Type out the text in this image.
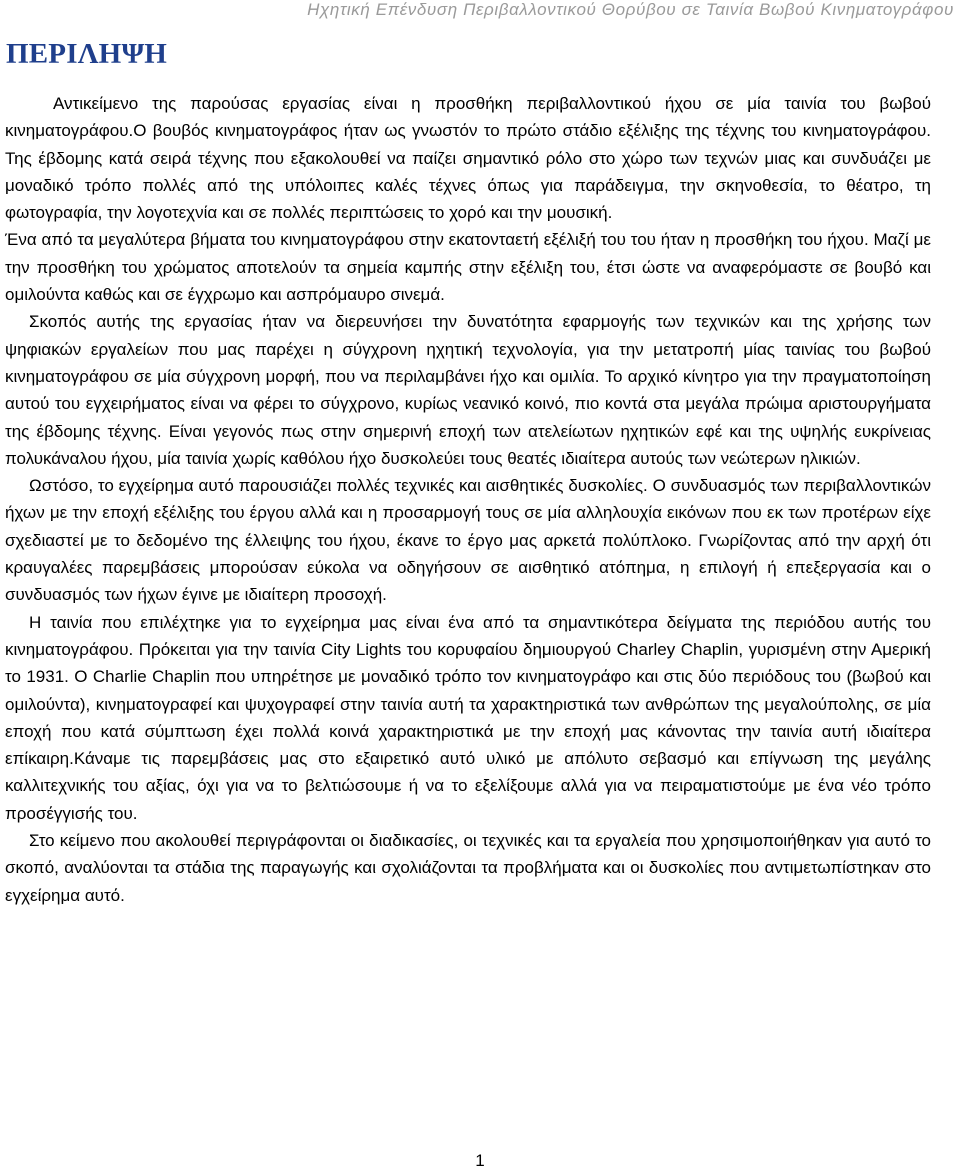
Ηχητική Επένδυση Περιβαλλοντικού Θορύβου σε Ταινία Βωβού Κινηματογράφου
ΠΕΡΙΛΗΨΗ

Αντικείμενο της παρούσας εργασίας είναι η προσθήκη περιβαλλοντικού ήχου σε μία ταινία του βωβού κινηματογράφου.Ο βουβός κινηματογράφος ήταν ως γνωστόν το πρώτο στάδιο εξέλιξης της τέχνης του κινηματογράφου. Της έβδομης κατά σειρά τέχνης που εξακολουθεί να παίζει σημαντικό ρόλο στο χώρο των τεχνών μιας και συνδυάζει με μοναδικό τρόπο πολλές από της υπόλοιπες καλές τέχνες όπως για παράδειγμα, την σκηνοθεσία, το θέατρο, τη φωτογραφία, την λογοτεχνία και σε πολλές περιπτώσεις το χορό και την μουσική.

Ένα από τα μεγαλύτερα βήματα του κινηματογράφου στην εκατονταετή εξέλιξή του του ήταν η προσθήκη του ήχου. Μαζί με την προσθήκη του χρώματος αποτελούν τα σημεία καμπής στην εξέλιξη του, έτσι ώστε να αναφερόμαστε σε βουβό και ομιλούντα καθώς και σε έγχρωμο και ασπρόμαυρο σινεμά.

Σκοπός αυτής της εργασίας ήταν να διερευνήσει την δυνατότητα εφαρμογής των τεχνικών και της χρήσης των ψηφιακών εργαλείων που μας παρέχει η σύγχρονη ηχητική τεχνολογία, για την μετατροπή μίας ταινίας του βωβού κινηματογράφου σε μία σύγχρονη μορφή, που να περιλαμβάνει ήχο και ομιλία. Το αρχικό κίνητρο για την πραγματοποίηση αυτού του εγχειρήματος είναι να φέρει το σύγχρονο, κυρίως νεανικό κοινό, πιο κοντά στα μεγάλα πρώιμα αριστουργήματα της έβδομης τέχνης. Είναι γεγονός πως στην σημερινή εποχή των ατελείωτων ηχητικών εφέ και της υψηλής ευκρίνειας πολυκάναλου ήχου, μία ταινία χωρίς καθόλου ήχο δυσκολεύει τους θεατές ιδιαίτερα αυτούς των νεώτερων ηλικιών.

Ωστόσο, το εγχείρημα αυτό παρουσιάζει πολλές τεχνικές και αισθητικές δυσκολίες. Ο συνδυασμός των περιβαλλοντικών ήχων με την εποχή εξέλιξης του έργου αλλά και η προσαρμογή τους σε μία αλληλουχία εικόνων που εκ των προτέρων είχε σχεδιαστεί με το δεδομένο της έλλειψης του ήχου, έκανε το έργο μας αρκετά πολύπλοκο. Γνωρίζοντας από την αρχή ότι κραυγαλέες παρεμβάσεις μπορούσαν εύκολα να οδηγήσουν σε αισθητικό ατόπημα, η επιλογή ή επεξεργασία και ο συνδυασμός των ήχων έγινε με ιδιαίτερη προσοχή.

Η ταινία που επιλέχτηκε για το εγχείρημα μας είναι ένα από τα σημαντικότερα δείγματα της περιόδου αυτής του κινηματογράφου. Πρόκειται για την ταινία City Lights του κορυφαίου δημιουργού Charley Chaplin, γυρισμένη στην Αμερική το 1931. Ο Charlie Chaplin που υπηρέτησε με μοναδικό τρόπο τον κινηματογράφο και στις δύο περιόδους του (βωβού και ομιλούντα), κινηματογραφεί και ψυχογραφεί στην ταινία αυτή τα χαρακτηριστικά των ανθρώπων της μεγαλούπολης, σε μία εποχή που κατά σύμπτωση έχει πολλά κοινά χαρακτηριστικά με την εποχή μας κάνοντας την ταινία αυτή ιδιαίτερα επίκαιρη.Κάναμε τις παρεμβάσεις μας στο εξαιρετικό αυτό υλικό με απόλυτο σεβασμό και επίγνωση της μεγάλης καλλιτεχνικής του αξίας, όχι για να το βελτιώσουμε ή να το εξελίξουμε αλλά για να πειραματιστούμε με ένα νέο τρόπο προσέγγισής του.

Στο κείμενο που ακολουθεί περιγράφονται οι διαδικασίες, οι τεχνικές και τα εργαλεία που χρησιμοποιήθηκαν για αυτό το σκοπό, αναλύονται τα στάδια της παραγωγής και σχολιάζονται τα προβλήματα και οι δυσκολίες που αντιμετωπίστηκαν στο εγχείρημα αυτό.

1
